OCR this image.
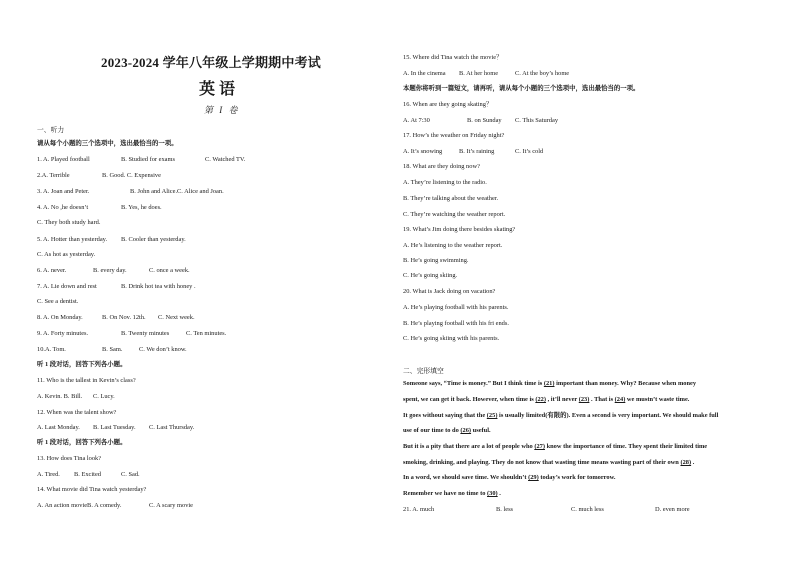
2023-2024 学年八年级上学期期中考试
英语
第 I 卷
一、听力
请从每个小题的三个选项中，选出最恰当的一项。
1. A. Played football	B. Studied for exams	C. Watched TV.
2.A. Terrible	B. Good. C. Expensive
3. A. Joan and Peter.	B. John and Alice. C. Alice and Joan.
4. A. No ,he doesn’t	B. Yes, he does.
C. They both study hard.
5. A. Hotter than yesterday. B. Cooler than yesterday.
C. As hot as yesterday.
6. A. never.	B. every day.	C. once a week.
7. A. Lie down and rest	B. Drink hot tea with honey .
C. See a dentist.
8. A. On Monday.	B. On Nov. 12th. C. Next week.
9. A. Forty minutes.	B. Twenty minutes	C. Ten minutes.
10.A. Tom.	B. Sam.	C. We don’t know.
听 1 段对话，回答下列各小题。
11. Who is the tallest in Kevin’s class?
A. Kevin. B. Bill. C. Lucy.
12. When was the talent show?
A. Last Monday. B. Last Tuesday. C. Last Thursday.
听 1 段对话，回答下列各小题。
13. How does Tina look?
A. Tired. B. Excited	C. Sad.
14. What movie did Tina watch yesterday?
A. An action movieB. A comedy.	C. A scary movie
15. Where did Tina watch the movie？
A. In the cinema B. At her home	C. At the boy’s home
本题你将听到一篇短文，请再听，请从每个小题的三个选项中，选出最恰当的一项。
16. When are they going skating？
A. At 7:30	B. on Sunday C. This Saturday
17. How’s the weather on Friday night?
A. It’s snowing	B. It’s raining	C. It’s cold
18. What are they doing now?
A. They’re listening to the radio.
B. They’re talking about the weather.
C. They’re watching the weather report.
19. What’s Jim doing there besides skating?
A. He’s listening to the weather report.
B. He’s going swimming.
C. He’s going skiing.
20. What is Jack doing on vacation?
A. He’s playing football with his parents.
B. He’s playing football with his fri ends.
C. He’s going skiing with his parents.
二、完形填空
Someone says, “Time is money.” But I think time is (21) important than money. Why? Because when money
spent, we can get it back. However, when time is (22) , it’ll never (23) . That is (24) we mustn’t waste time.
It goes without saying that the (25) is usually limited(有限的). Even a second is very important. We should make full
use of our time to do (26) useful.
But it is a pity that there are a lot of people who (27) know the importance of time. They spent their limited time
smoking, drinking, and playing. They do not know that wasting time means wasting part of their own (28) .
In a word, we should save time. We shouldn’t (29) today’s work for tomorrow.
Remember we have no time to (30) .
21. A. much	B. less	C. much less	D. even more
